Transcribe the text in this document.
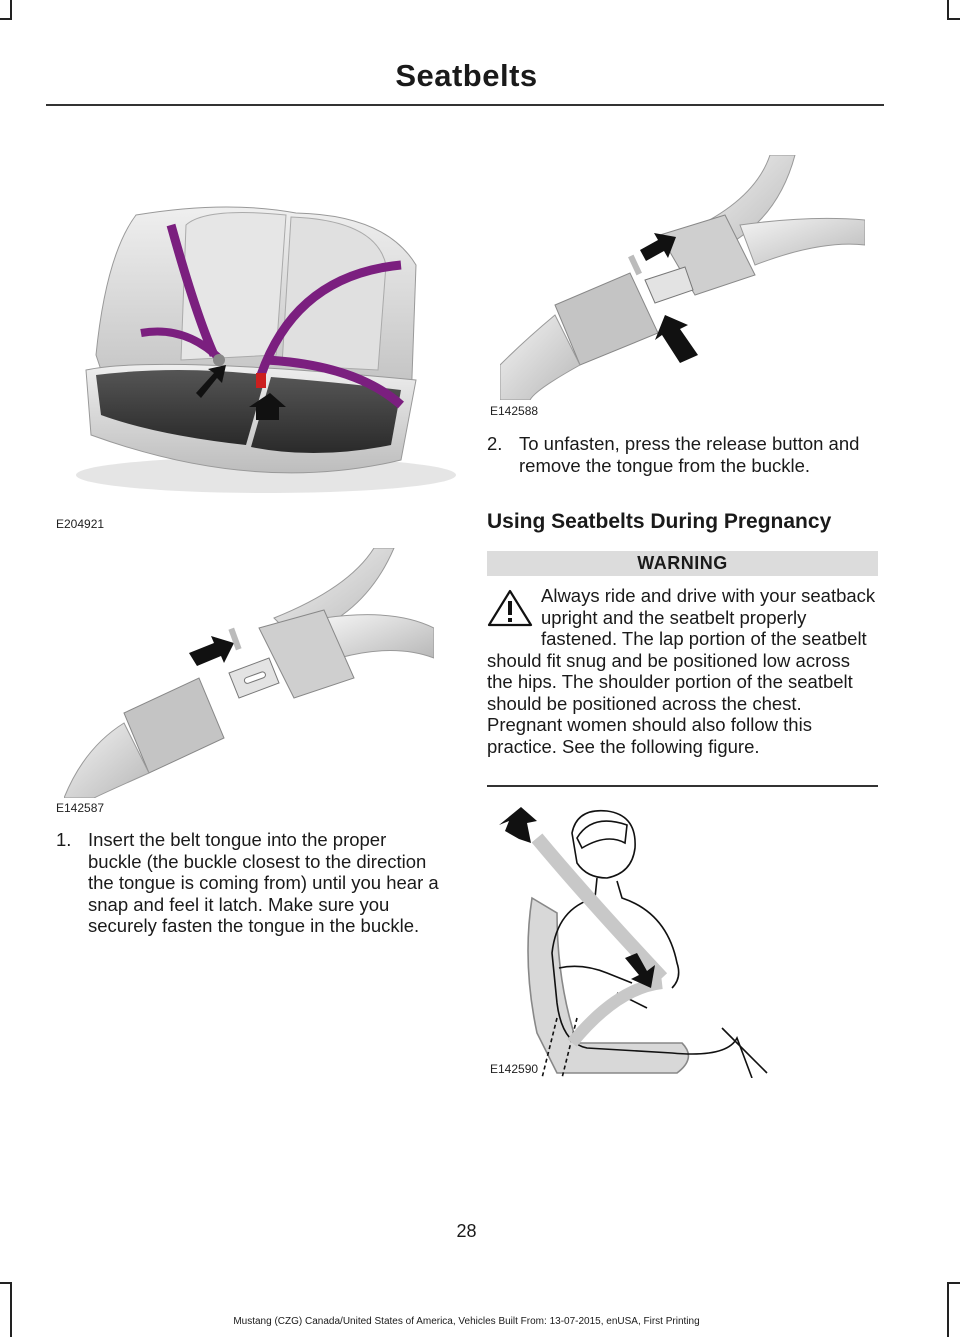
Seatbelts
E204921
E142587
1. Insert the belt tongue into the proper buckle (the buckle closest to the direction the tongue is coming from) until you hear a snap and feel it latch. Make sure you securely fasten the tongue in the buckle.
E142588
2. To unfasten, press the release button and remove the tongue from the buckle.
Using Seatbelts During Pregnancy
WARNING
Always ride and drive with your seatback upright and the seatbelt properly fastened. The lap portion of the seatbelt should fit snug and be positioned low across the hips. The shoulder portion of the seatbelt should be positioned across the chest. Pregnant women should also follow this practice. See the following figure.
E142590
28
Mustang (CZG) Canada/United States of America, Vehicles Built From: 13-07-2015, enUSA, First Printing
